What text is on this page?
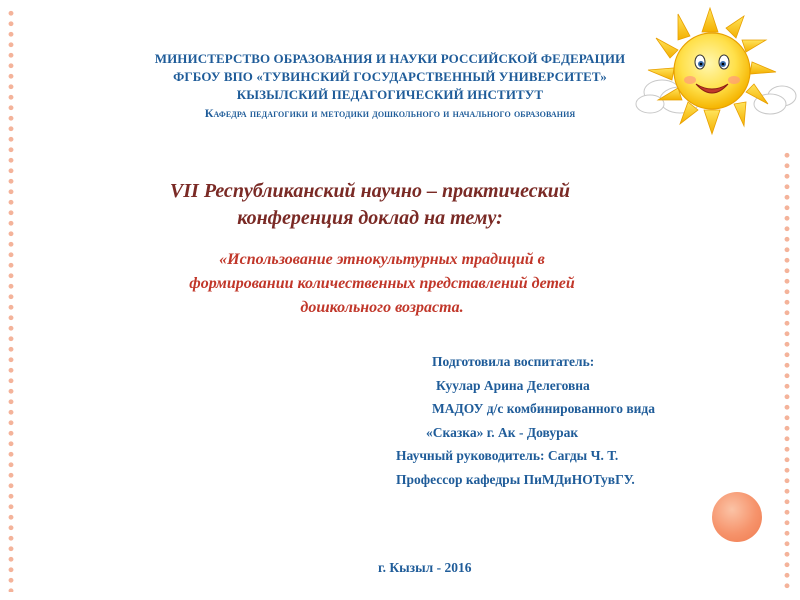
МИНИСТЕРСТВО ОБРАЗОВАНИЯ И НАУКИ РОССИЙСКОЙ ФЕДЕРАЦИИ
ФГБОУ ВПО «ТУВИНСКИЙ ГОСУДАРСТВЕННЫЙ УНИВЕРСИТЕТ»
КЫЗЫЛСКИЙ ПЕДАГОГИЧЕСКИЙ ИНСТИТУТ
Кафедра педагогики и методики дошкольного и начального образования
VII Республиканский научно – практический
конференция доклад на тему:
«Использование этнокультурных традиций в
формировании количественных представлений детей
дошкольного возраста.
Подготовила воспитатель:
Куулар Арина Делеговна
МАДОУ д/с комбинированного вида
«Сказка» г. Ак - Довурак
Научный руководитель: Сагды Ч. Т.
Профессор кафедры ПиМДиНОТувГУ.
г. Кызыл - 2016
